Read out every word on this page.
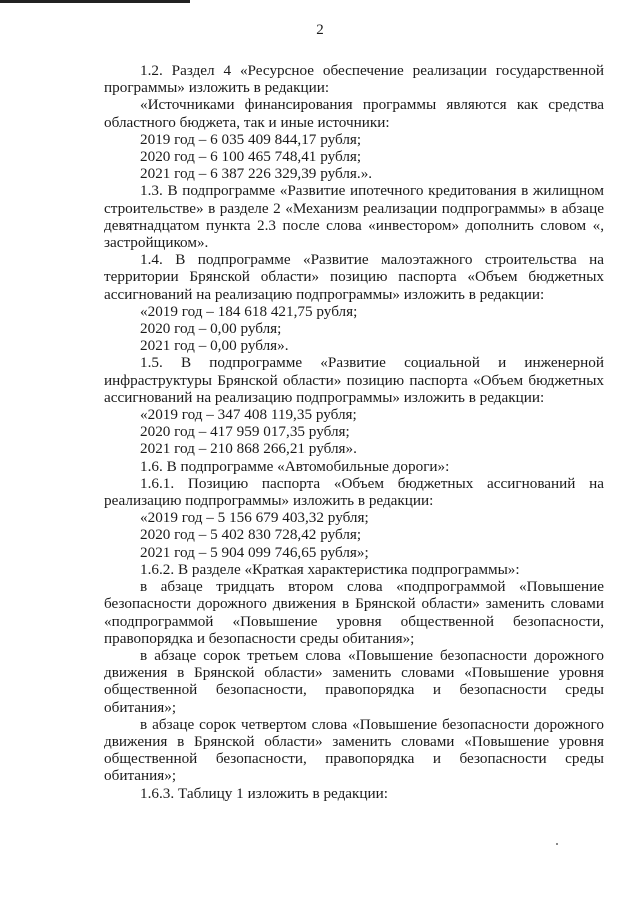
2

1.2. Раздел 4 «Ресурсное обеспечение реализации государственной программы» изложить в редакции:

«Источниками финансирования программы являются как средства областного бюджета, так и иные источники:

2019 год – 6 035 409 844,17 рубля;

2020 год – 6 100 465 748,41 рубля;

2021 год – 6 387 226 329,39 рубля.».

1.3. В подпрограмме «Развитие ипотечного кредитования в жилищном строительстве» в разделе 2 «Механизм реализации подпрограммы» в абзаце девятнадцатом пункта 2.3 после слова «инвестором» дополнить словом «, застройщиком».

1.4. В подпрограмме «Развитие малоэтажного строительства на территории Брянской области» позицию паспорта «Объем бюджетных ассигнований на реализацию подпрограммы» изложить в редакции:

«2019 год – 184 618 421,75 рубля;

2020 год – 0,00 рубля;

2021 год – 0,00 рубля».

1.5. В подпрограмме «Развитие социальной и инженерной инфраструктуры Брянской области» позицию паспорта «Объем бюджетных ассигнований на реализацию подпрограммы» изложить в редакции:

«2019 год – 347 408 119,35 рубля;

2020 год – 417 959 017,35 рубля;

2021 год – 210 868 266,21 рубля».

1.6. В подпрограмме «Автомобильные дороги»:

1.6.1. Позицию паспорта «Объем бюджетных ассигнований на реализацию подпрограммы» изложить в редакции:

«2019 год – 5 156 679 403,32 рубля;

2020 год – 5 402 830 728,42 рубля;

2021 год – 5 904 099 746,65 рубля»;

1.6.2. В разделе «Краткая характеристика подпрограммы»:

в абзаце тридцать втором слова «подпрограммой «Повышение безопасности дорожного движения в Брянской области» заменить словами «подпрограммой «Повышение уровня общественной безопасности, правопорядка и безопасности среды обитания»;

в абзаце сорок третьем слова «Повышение безопасности дорожного движения в Брянской области» заменить словами «Повышение уровня общественной безопасности, правопорядка и безопасности среды обитания»;

в абзаце сорок четвертом слова «Повышение безопасности дорожного движения в Брянской области» заменить словами «Повышение уровня общественной безопасности, правопорядка и безопасности среды обитания»;

1.6.3. Таблицу 1 изложить в редакции:
